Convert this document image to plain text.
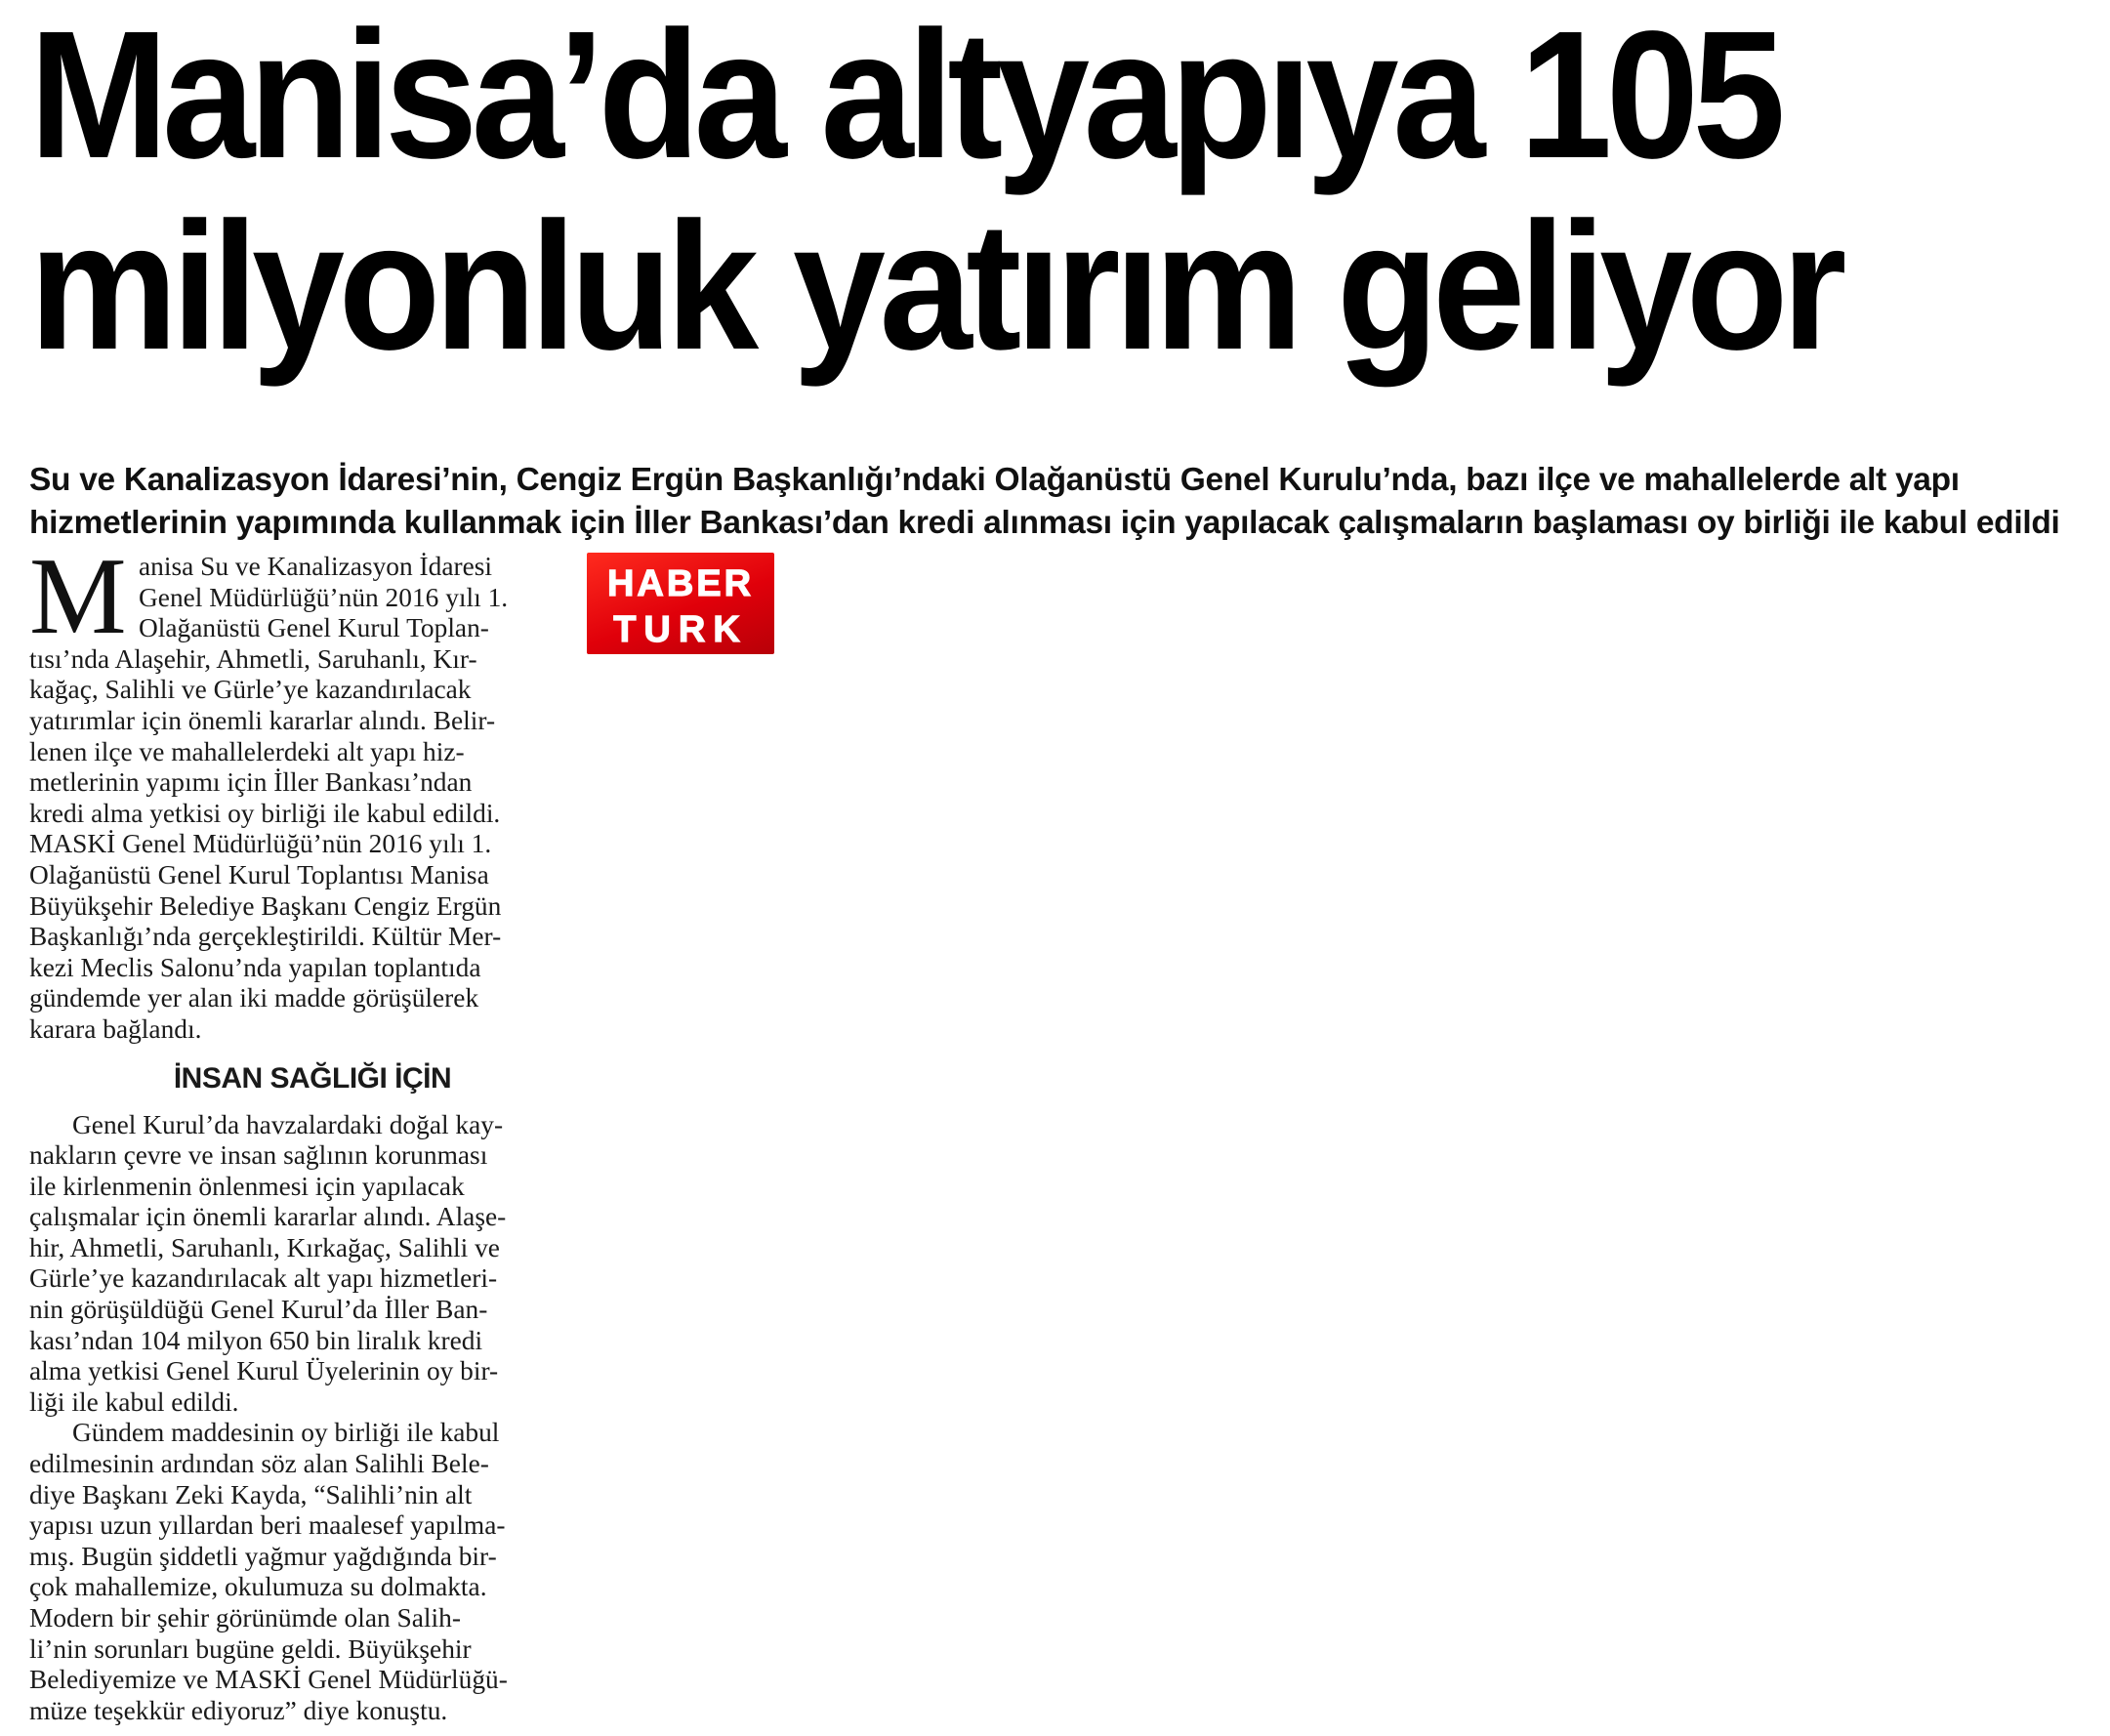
Manisa’da altyapıya 105
milyonluk yatırım geliyor

Su ve Kanalizasyon İdaresi’nin, Cengiz Ergün Başkanlığı’ndaki Olağanüstü Genel Kurulu’nda, bazı ilçe ve mahallelerde alt yapı
hizmetlerinin yapımında kullanmak için İller Bankası’dan kredi alınması için yapılacak çalışmaların başlaması oy birliği ile kabul edildi

HABER
TURK
M anisa Su ve Kanalizasyon İdaresi
Genel Müdürlüğü’nün 2016 yılı 1.
Olağanüstü Genel Kurul Toplan-
tısı’nda Alaşehir, Ahmetli, Saruhanlı, Kır-
kağaç, Salihli ve Gürle’ye kazandırılacak
yatırımlar için önemli kararlar alındı. Belir-
lenen ilçe ve mahallelerdeki alt yapı hiz-
metlerinin yapımı için İller Bankası’ndan
kredi alma yetkisi oy birliği ile kabul edildi.
MASKİ Genel Müdürlüğü’nün 2016 yılı 1.
Olağanüstü Genel Kurul Toplantısı Manisa
Büyükşehir Belediye Başkanı Cengiz Ergün
Başkanlığı’nda gerçekleştirildi. Kültür Mer-
kezi Meclis Salonu’nda yapılan toplantıda
gündemde yer alan iki madde görüşülerek
karara bağlandı.
İNSAN SAĞLIĞI İÇİN
Genel Kurul’da havzalardaki doğal kay-
nakların çevre ve insan sağlının korunması
ile kirlenmenin önlenmesi için yapılacak
çalışmalar için önemli kararlar alındı. Alaşe-
hir, Ahmetli, Saruhanlı, Kırkağaç, Salihli ve
Gürle’ye kazandırılacak alt yapı hizmetleri-
nin görüşüldüğü Genel Kurul’da İller Ban-
kası’ndan 104 milyon 650 bin liralık kredi
alma yetkisi Genel Kurul Üyelerinin oy bir-
liği ile kabul edildi.
Gündem maddesinin oy birliği ile kabul
edilmesinin ardından söz alan Salihli Bele-
diye Başkanı Zeki Kayda, “Salihli’nin alt
yapısı uzun yıllardan beri maalesef yapılma-
mış. Bugün şiddetli yağmur yağdığında bir-
çok mahallemize, okulumuza su dolmakta.
Modern bir şehir görünümde olan Salih-
li’nin sorunları bugüne geldi. Büyükşehir
Belediyemize ve MASKİ Genel Müdürlüğü-
müze teşekkür ediyoruz” diye konuştu.
